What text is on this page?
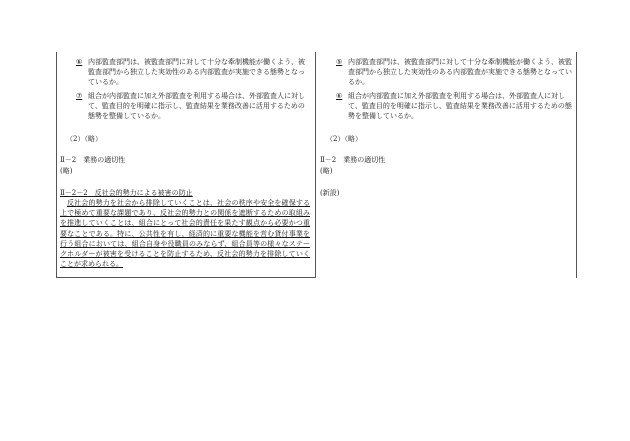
⑥ 内部監査部門は、被監査部門に対して十分な牽制機能が働くよう、被監査部門から独立した実効性のある内部監査が実施できる態勢となっているか。
⑦ 組合が内部監査に加え外部監査を利用する場合は、外部監査人に対して、監査目的を明確に指示し、監査結果を業務改善に活用するための態勢を整備しているか。
（2）（略）
Ⅱ－2　業務の適切性
(略)
Ⅱ－2－2　反社会的勢力による被害の防止
反社会的勢力を社会から排除していくことは、社会の秩序や安全を確保する上で極めて重要な課題であり、反社会的勢力との関係を遮断するための取組みを推進していくことは、組合にとって社会的責任を果たす観点から必要かつ重要なことである。特に、公共性を有し、経済的に重要な機能を営む貸付事業を行う組合においては、組合自身や役職員のみならず、組合員等の様々なステークホルダーが被害を受けることを防止するため、反社会的勢力を排除していくことが求められる。
⑤ 内部監査部門は、被監査部門に対して十分な牽制機能が働くよう、被監査部門から独立した実効性のある内部監査が実施できる態勢となっているか。
⑥ 組合が内部監査に加え外部監査を利用する場合は、外部監査人に対して、監査目的を明確に指示し、監査結果を業務改善に活用するための態勢を整備しているか。
（2）（略）
Ⅱ－2　業務の適切性
(略)
(新設)
